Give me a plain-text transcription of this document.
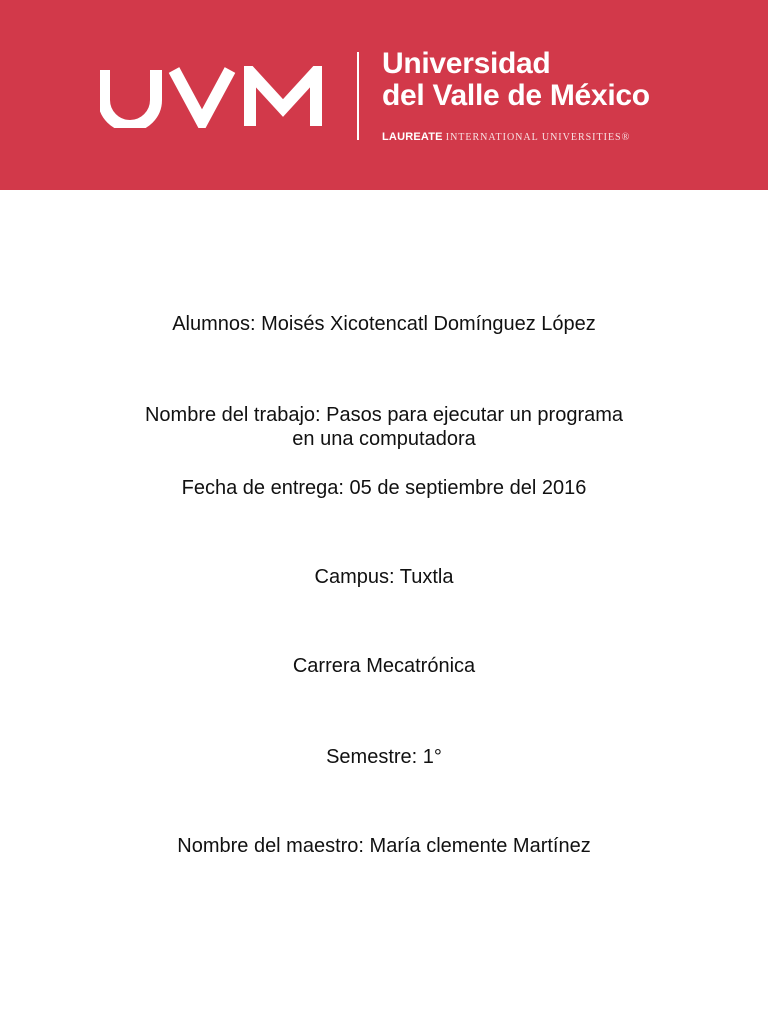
Universidad
del Valle de México
LAUREATE INTERNATIONAL UNIVERSITIES®
Alumnos: Moisés Xicotencatl Domínguez López
Nombre del trabajo: Pasos para ejecutar un programa
en una computadora
Fecha de entrega: 05 de septiembre del 2016
Campus: Tuxtla
Carrera Mecatrónica
Semestre: 1°
Nombre del maestro: María clemente Martínez
